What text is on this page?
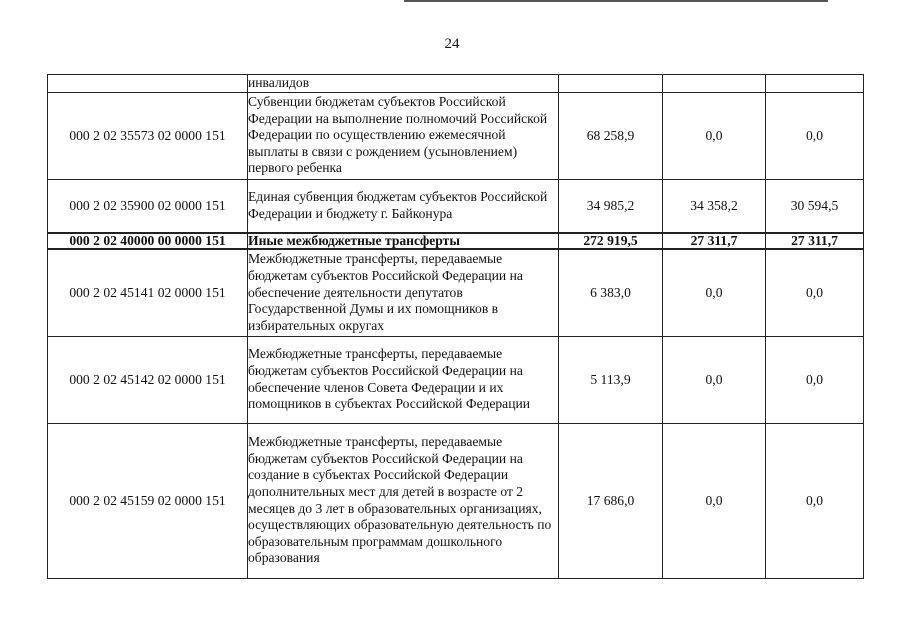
24
	инвалидов			
000 2 02 35573 02 0000 151	Субвенции бюджетам субъектов Российской Федерации на выполнение полномочий Российской Федерации по осуществлению ежемесячной выплаты в связи с рождением (усыновлением) первого ребенка	68 258,9	0,0	0,0
000 2 02 35900 02 0000 151	Единая субвенция бюджетам субъектов Российской Федерации и бюджету г. Байконура	34 985,2	34 358,2	30 594,5
000 2 02 40000 00 0000 151	Иные межбюджетные трансферты	272 919,5	27 311,7	27 311,7
000 2 02 45141 02 0000 151	Межбюджетные трансферты, передаваемые бюджетам субъектов Российской Федерации на обеспечение деятельности депутатов Государственной Думы и их помощников в избирательных округах	6 383,0	0,0	0,0
000 2 02 45142 02 0000 151	Межбюджетные трансферты, передаваемые бюджетам субъектов Российской Федерации на обеспечение членов Совета Федерации и их помощников в субъектах Российской Федерации	5 113,9	0,0	0,0
000 2 02 45159 02 0000 151	Межбюджетные трансферты, передаваемые бюджетам субъектов Российской Федерации на создание в субъектах Российской Федерации дополнительных мест для детей в возрасте от 2 месяцев до 3 лет в образовательных организациях, осуществляющих образовательную деятельность по образовательным программам дошкольного образования	17 686,0	0,0	0,0
